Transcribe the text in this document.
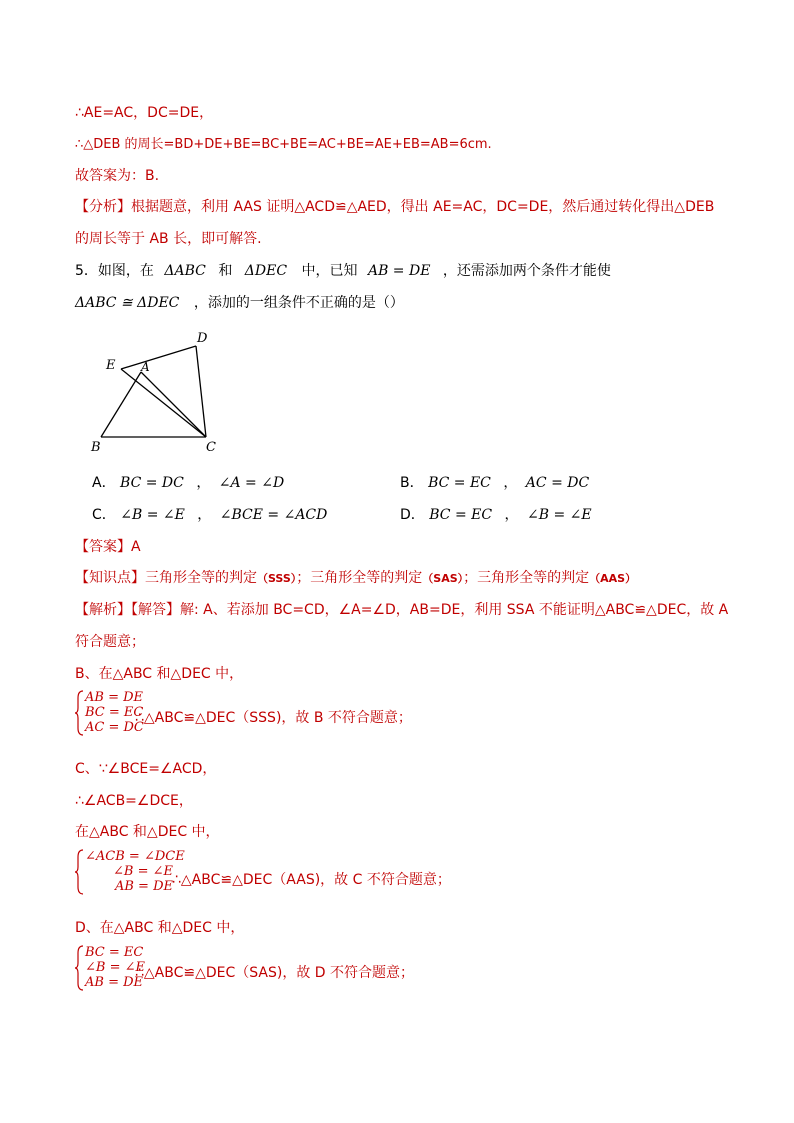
∴AE=AC，DC=DE，
∴△DEB 的周长=BD+DE+BE=BC+BE=AC+BE=AE+EB=AB=6cm.
故答案为：B.
【分析】根据题意，利用 AAS 证明△ACD≌△AED，得出 AE=AC，DC=DE，然后通过转化得出△DEB
的周长等于 AB 长，即可解答.
5．如图，在 ΔABC 和 ΔDEC 中，已知 AB = DE ，还需添加两个条件才能使
ΔABC ≅ ΔDEC ，添加的一组条件不正确的是（）
D
E A
B	C
A． BC = DC ， ∠A = ∠D	B． BC = EC ， AC = DC
C． ∠B = ∠E ， ∠BCE = ∠ACD	D． BC = EC ， ∠B = ∠E
【答案】A
【知识点】三角形全等的判定（SSS）；三角形全等的判定（SAS）；三角形全等的判定（AAS）
【解析】【解答】解: A、若添加 BC=CD，∠A=∠D，AB=DE，利用 SSA 不能证明△ABC≌△DEC，故 A
符合题意；
B、在△ABC 和△DEC 中，
AB = DE
BC = EC
AC = DC
∴△ABC≌△DEC（SSS)，故 B 不符合题意；
C、∵∠BCE=∠ACD，
∴∠ACB=∠DCE，
在△ABC 和△DEC 中，
∠ACB = ∠DCE
∠B = ∠E
AB = DE ∴△ABC≌△DEC（AAS)，故 C 不符合题意；
D、在△ABC 和△DEC 中，
BC = EC
∠B = ∠E
AB = DE
∴△ABC≌△DEC（SAS)，故 D 不符合题意；
